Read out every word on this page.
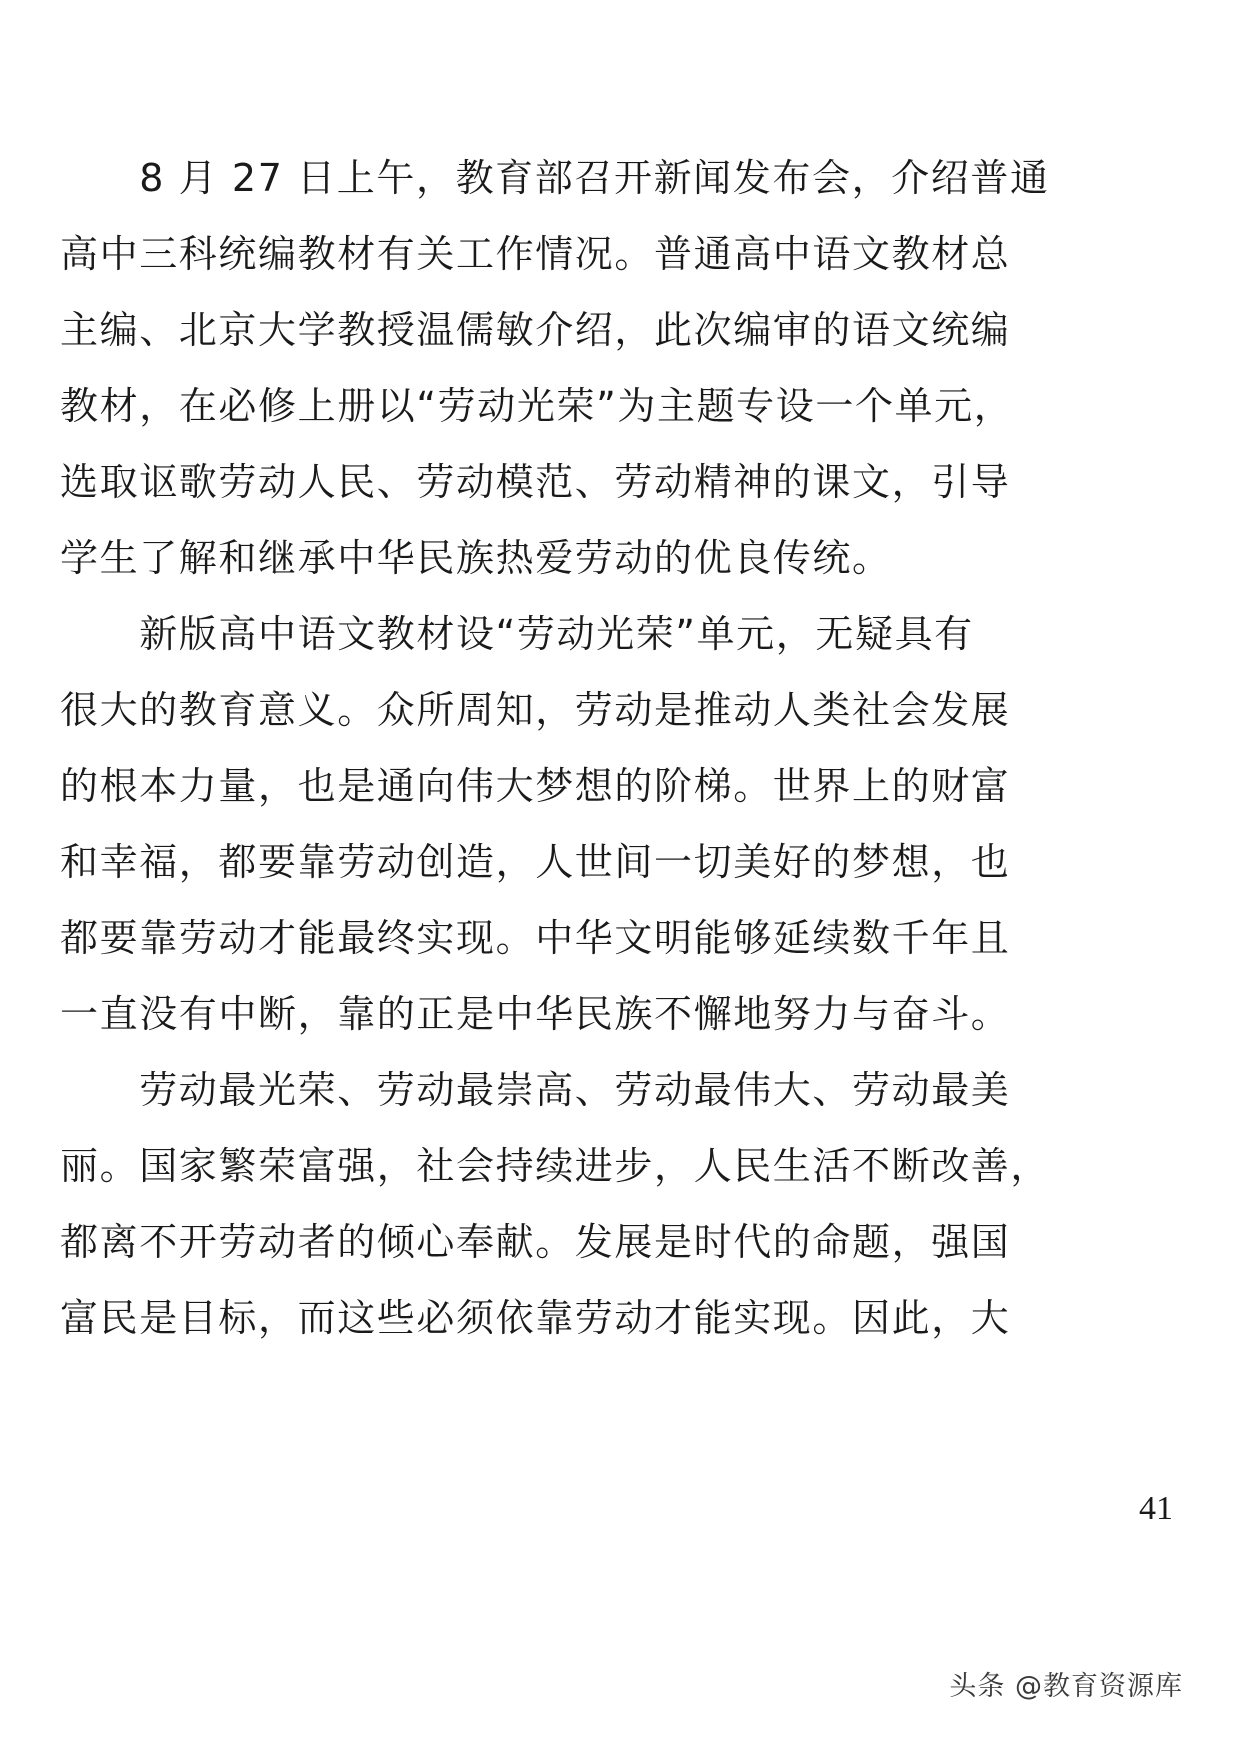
　　8 月 27 日上午，教育部召开新闻发布会，介绍普通
高中三科统编教材有关工作情况。普通高中语文教材总
主编、北京大学教授温儒敏介绍，此次编审的语文统编
教材，在必修上册以“劳动光荣”为主题专设一个单元，
选取讴歌劳动人民、劳动模范、劳动精神的课文，引导
学生了解和继承中华民族热爱劳动的优良传统。
　　新版高中语文教材设“劳动光荣”单元，无疑具有
很大的教育意义。众所周知，劳动是推动人类社会发展
的根本力量，也是通向伟大梦想的阶梯。世界上的财富
和幸福，都要靠劳动创造，人世间一切美好的梦想，也
都要靠劳动才能最终实现。中华文明能够延续数千年且
一直没有中断，靠的正是中华民族不懈地努力与奋斗。
　　劳动最光荣、劳动最崇高、劳动最伟大、劳动最美
丽。国家繁荣富强，社会持续进步，人民生活不断改善，
都离不开劳动者的倾心奉献。发展是时代的命题，强国
富民是目标，而这些必须依靠劳动才能实现。因此，大
41
头条 @教育资源库
